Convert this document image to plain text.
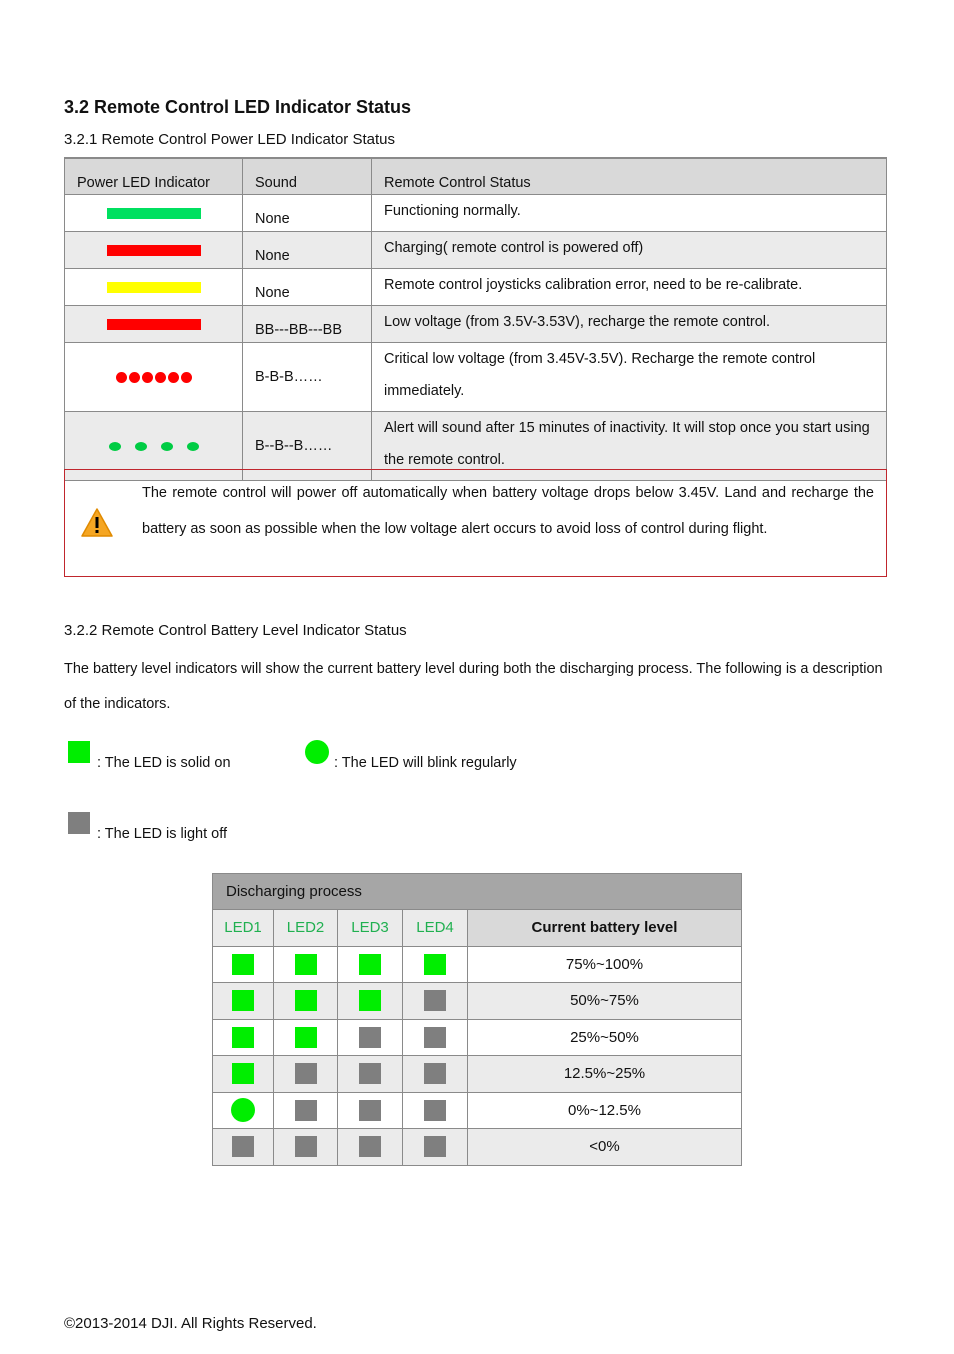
3.2 Remote Control LED Indicator Status
3.2.1 Remote Control Power LED Indicator Status
Power LED Indicator	Sound	Remote Control Status
	None	Functioning normally.
	None	Charging( remote control is powered off)
	None	Remote control joysticks calibration error, need to be re-calibrate.
	BB---BB---BB	Low voltage (from 3.5V-3.53V), recharge the remote control.
	B-B-B……	Critical low voltage (from 3.45V-3.5V). Recharge the remote control immediately.
	B--B--B……	Alert will sound after 15 minutes of inactivity. It will stop once you start using the remote control.
The remote control will power off automatically when battery voltage drops below 3.45V. Land and recharge the battery as soon as possible when the low voltage alert occurs to avoid loss of control during flight.
3.2.2 Remote Control Battery Level Indicator Status
The battery level indicators will show the current battery level during both the discharging process. The following is a description of the indicators.
: The LED is solid on	: The LED will blink regularly
: The LED is light off
Discharging process				
LED1	LED2	LED3	LED4	Current battery level
				75%~100%
				50%~75%
				25%~50%
				12.5%~25%
				0%~12.5%
				<0%
©2013-2014 DJI. All Rights Reserved.
